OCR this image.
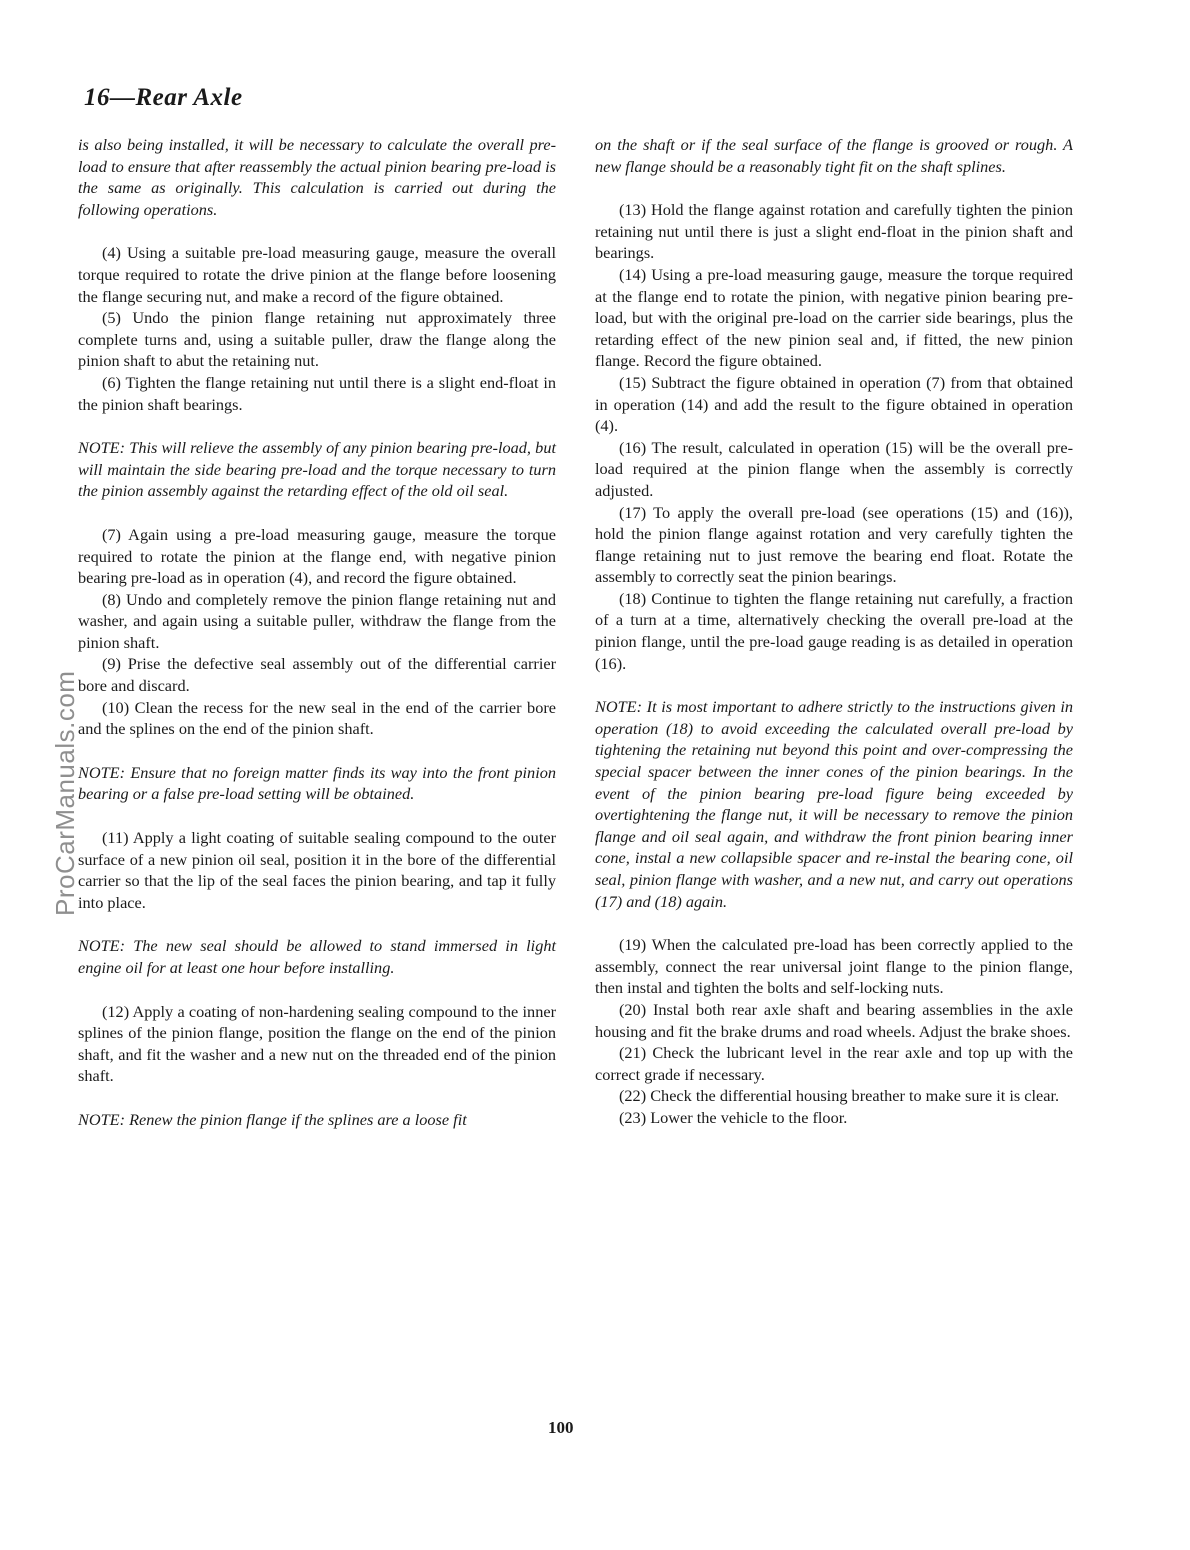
16—Rear Axle

is also being installed, it will be necessary to calculate the overall pre-load to ensure that after reassembly the actual pinion bearing pre-load is the same as originally. This calculation is carried out during the following operations.

(4) Using a suitable pre-load measuring gauge, measure the overall torque required to rotate the drive pinion at the flange before loosening the flange securing nut, and make a record of the figure obtained.

(5) Undo the pinion flange retaining nut approximately three complete turns and, using a suitable puller, draw the flange along the pinion shaft to abut the retaining nut.

(6) Tighten the flange retaining nut until there is a slight end-float in the pinion shaft bearings.

NOTE: This will relieve the assembly of any pinion bearing pre-load, but will maintain the side bearing pre-load and the torque necessary to turn the pinion assembly against the retarding effect of the old oil seal.

(7) Again using a pre-load measuring gauge, measure the torque required to rotate the pinion at the flange end, with negative pinion bearing pre-load as in operation (4), and record the figure obtained.

(8) Undo and completely remove the pinion flange retaining nut and washer, and again using a suitable puller, withdraw the flange from the pinion shaft.

(9) Prise the defective seal assembly out of the differential carrier bore and discard.

(10) Clean the recess for the new seal in the end of the carrier bore and the splines on the end of the pinion shaft.

NOTE: Ensure that no foreign matter finds its way into the front pinion bearing or a false pre-load setting will be obtained.

(11) Apply a light coating of suitable sealing compound to the outer surface of a new pinion oil seal, position it in the bore of the differential carrier so that the lip of the seal faces the pinion bearing, and tap it fully into place.

NOTE: The new seal should be allowed to stand immersed in light engine oil for at least one hour before installing.

(12) Apply a coating of non-hardening sealing compound to the inner splines of the pinion flange, position the flange on the end of the pinion shaft, and fit the washer and a new nut on the threaded end of the pinion shaft.

NOTE: Renew the pinion flange if the splines are a loose fit

on the shaft or if the seal surface of the flange is grooved or rough. A new flange should be a reasonably tight fit on the shaft splines.

(13) Hold the flange against rotation and carefully tighten the pinion retaining nut until there is just a slight end-float in the pinion shaft and bearings.

(14) Using a pre-load measuring gauge, measure the torque required at the flange end to rotate the pinion, with negative pinion bearing pre-load, but with the original pre-load on the carrier side bearings, plus the retarding effect of the new pinion seal and, if fitted, the new pinion flange. Record the figure obtained.

(15) Subtract the figure obtained in operation (7) from that obtained in operation (14) and add the result to the figure obtained in operation (4).

(16) The result, calculated in operation (15) will be the overall pre-load required at the pinion flange when the assembly is correctly adjusted.

(17) To apply the overall pre-load (see operations (15) and (16)), hold the pinion flange against rotation and very carefully tighten the flange retaining nut to just remove the bearing end float. Rotate the assembly to correctly seat the pinion bearings.

(18) Continue to tighten the flange retaining nut carefully, a fraction of a turn at a time, alternatively checking the overall pre-load at the pinion flange, until the pre-load gauge reading is as detailed in operation (16).

NOTE: It is most important to adhere strictly to the instructions given in operation (18) to avoid exceeding the calculated overall pre-load by tightening the retaining nut beyond this point and over-compressing the special spacer between the inner cones of the pinion bearings. In the event of the pinion bearing pre-load figure being exceeded by overtightening the flange nut, it will be necessary to remove the pinion flange and oil seal again, and withdraw the front pinion bearing inner cone, instal a new collapsible spacer and re-instal the bearing cone, oil seal, pinion flange with washer, and a new nut, and carry out operations (17) and (18) again.

(19) When the calculated pre-load has been correctly applied to the assembly, connect the rear universal joint flange to the pinion flange, then instal and tighten the bolts and self-locking nuts.

(20) Instal both rear axle shaft and bearing assemblies in the axle housing and fit the brake drums and road wheels. Adjust the brake shoes.

(21) Check the lubricant level in the rear axle and top up with the correct grade if necessary.

(22) Check the differential housing breather to make sure it is clear.

(23) Lower the vehicle to the floor.

ProCarManuals.com
100
